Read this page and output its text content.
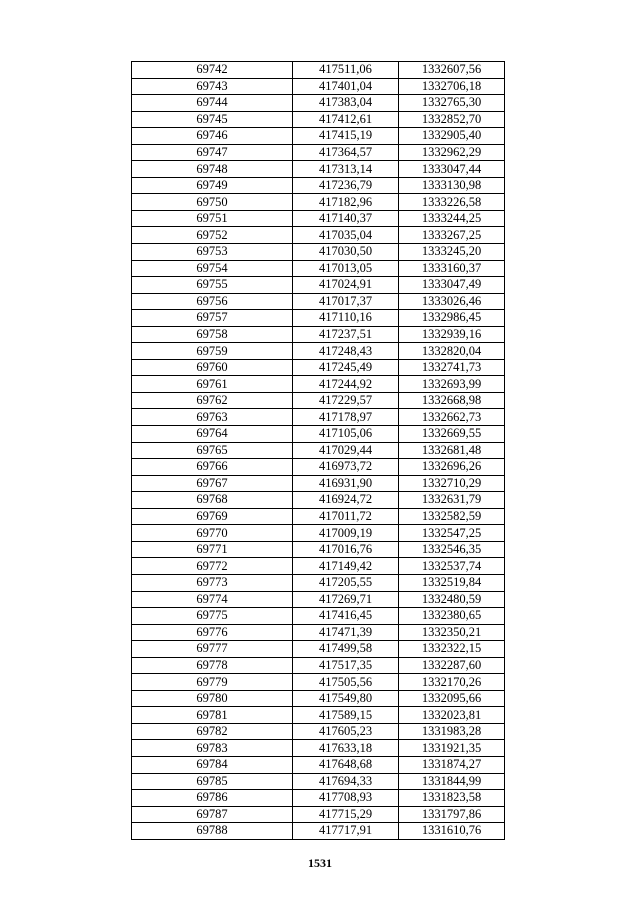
69742	417511,06	1332607,56
69743	417401,04	1332706,18
69744	417383,04	1332765,30
69745	417412,61	1332852,70
69746	417415,19	1332905,40
69747	417364,57	1332962,29
69748	417313,14	1333047,44
69749	417236,79	1333130,98
69750	417182,96	1333226,58
69751	417140,37	1333244,25
69752	417035,04	1333267,25
69753	417030,50	1333245,20
69754	417013,05	1333160,37
69755	417024,91	1333047,49
69756	417017,37	1333026,46
69757	417110,16	1332986,45
69758	417237,51	1332939,16
69759	417248,43	1332820,04
69760	417245,49	1332741,73
69761	417244,92	1332693,99
69762	417229,57	1332668,98
69763	417178,97	1332662,73
69764	417105,06	1332669,55
69765	417029,44	1332681,48
69766	416973,72	1332696,26
69767	416931,90	1332710,29
69768	416924,72	1332631,79
69769	417011,72	1332582,59
69770	417009,19	1332547,25
69771	417016,76	1332546,35
69772	417149,42	1332537,74
69773	417205,55	1332519,84
69774	417269,71	1332480,59
69775	417416,45	1332380,65
69776	417471,39	1332350,21
69777	417499,58	1332322,15
69778	417517,35	1332287,60
69779	417505,56	1332170,26
69780	417549,80	1332095,66
69781	417589,15	1332023,81
69782	417605,23	1331983,28
69783	417633,18	1331921,35
69784	417648,68	1331874,27
69785	417694,33	1331844,99
69786	417708,93	1331823,58
69787	417715,29	1331797,86
69788	417717,91	1331610,76
1531
